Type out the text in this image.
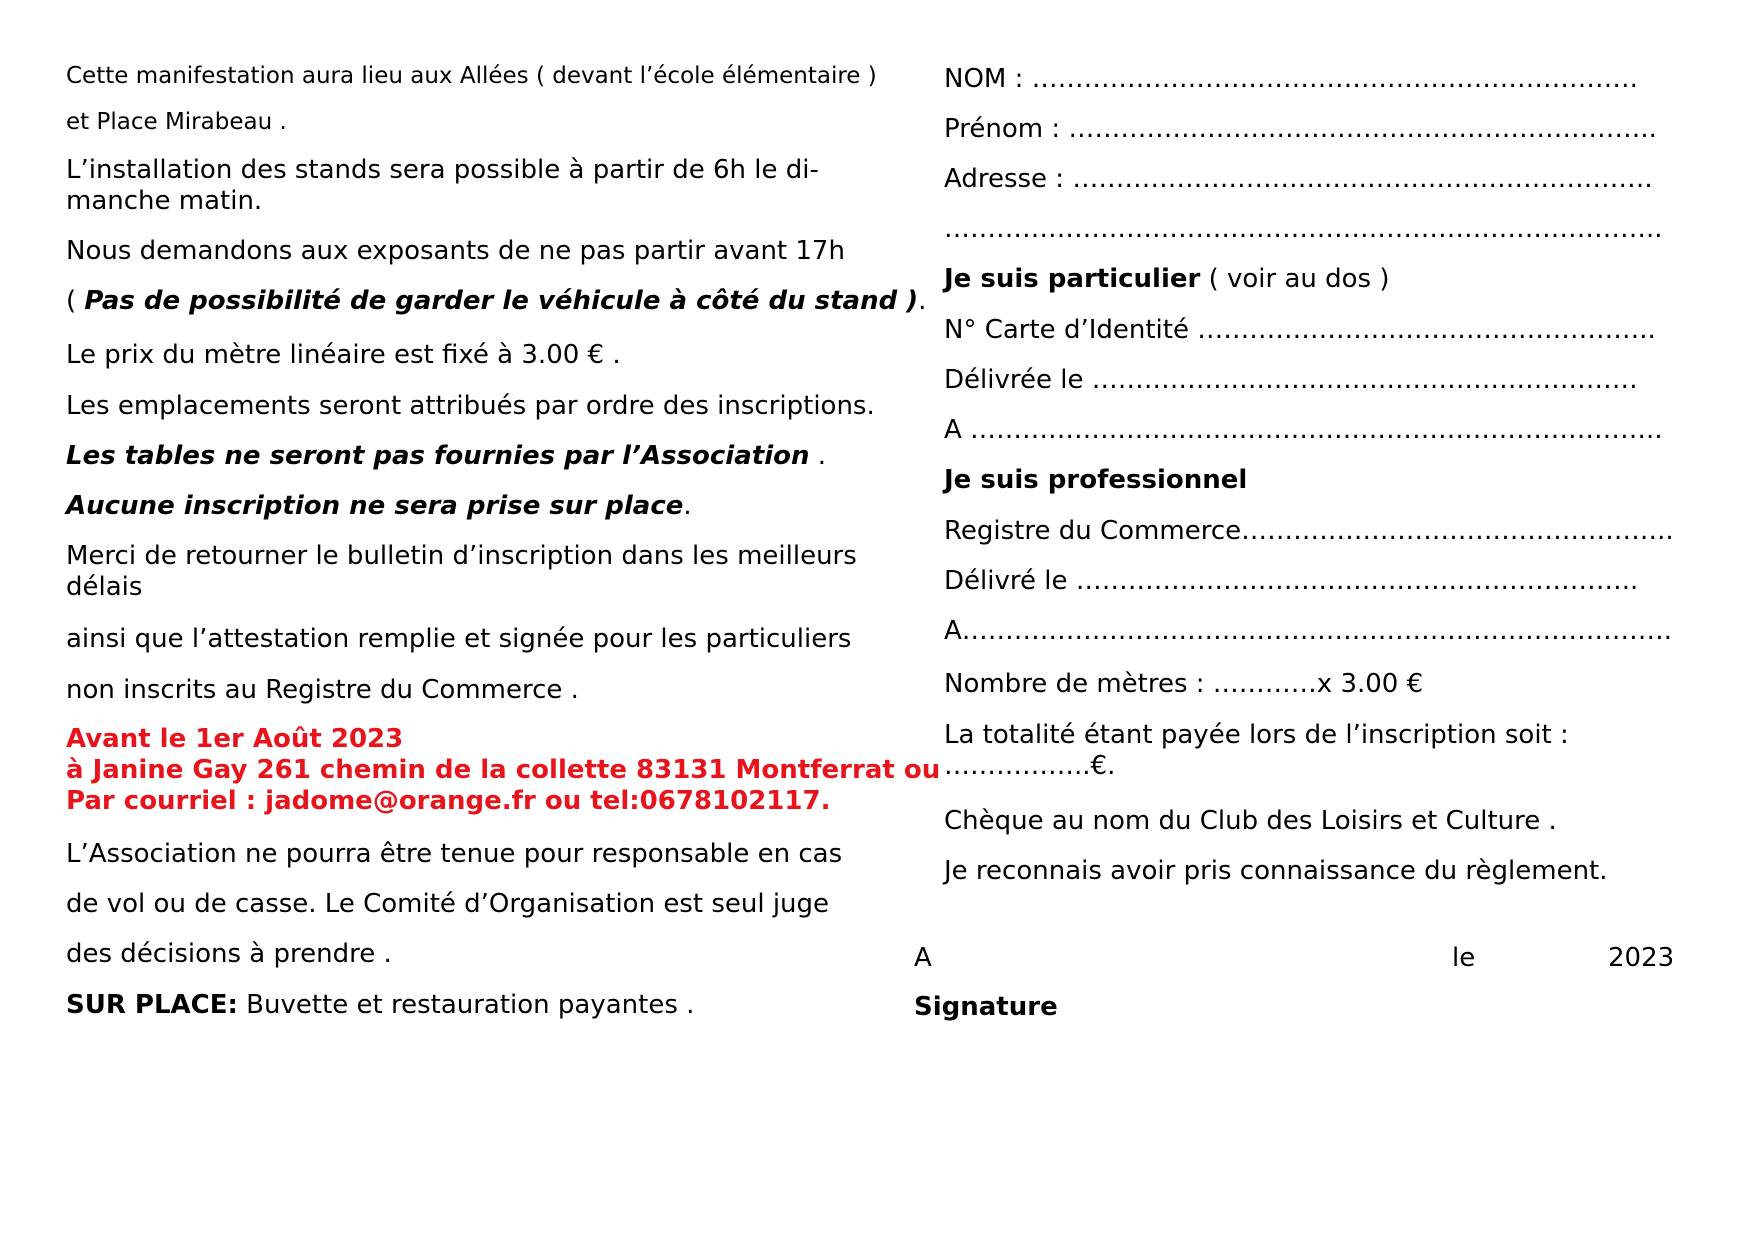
Cette manifestation aura lieu aux Allées ( devant l’école élémentaire )

et Place Mirabeau .

L’installation des stands sera possible à partir de 6h le di-
manche matin.

Nous demandons aux exposants de ne pas partir avant 17h

( Pas de possibilité de garder le véhicule à côté du stand ).

Le prix du mètre linéaire est fixé à 3.00 € .

Les emplacements seront attribués par ordre des inscriptions.

Les tables ne seront pas fournies par l’Association .

Aucune inscription ne sera prise sur place.

Merci de retourner le bulletin d’inscription dans les meilleurs
délais

ainsi que l’attestation remplie et signée pour les particuliers

non inscrits au Registre du Commerce .

Avant le 1er Août 2023
à Janine Gay 261 chemin de la collette 83131 Montferrat ou
Par courriel : jadome@orange.fr ou tel:0678102117.

L’Association ne pourra être tenue pour responsable en cas

de vol ou de casse. Le Comité d’Organisation est seul juge

des décisions à prendre .

SUR PLACE: Buvette et restauration payantes .

NOM : …………………………………………………………….

Prénom : …………………………………………………………..

Adresse : ………………………………………………………….

………………………………………………………………………..

Je suis particulier ( voir au dos )

N° Carte d’Identité ……………………………………………..

Délivrée le ………………………………………………………

A ……………………………………………………………………..

Je suis professionnel

Registre du Commerce…………………………………………..

Délivré le ………………………………………………………..

A……………………………………………………………………….

Nombre de mètres : …………x 3.00 €

La totalité étant payée lors de l’inscription soit :
……………..€.

Chèque au nom du Club des Loisirs et Culture .

Je reconnais avoir pris connaissance du règlement.

A	le	2023

Signature
